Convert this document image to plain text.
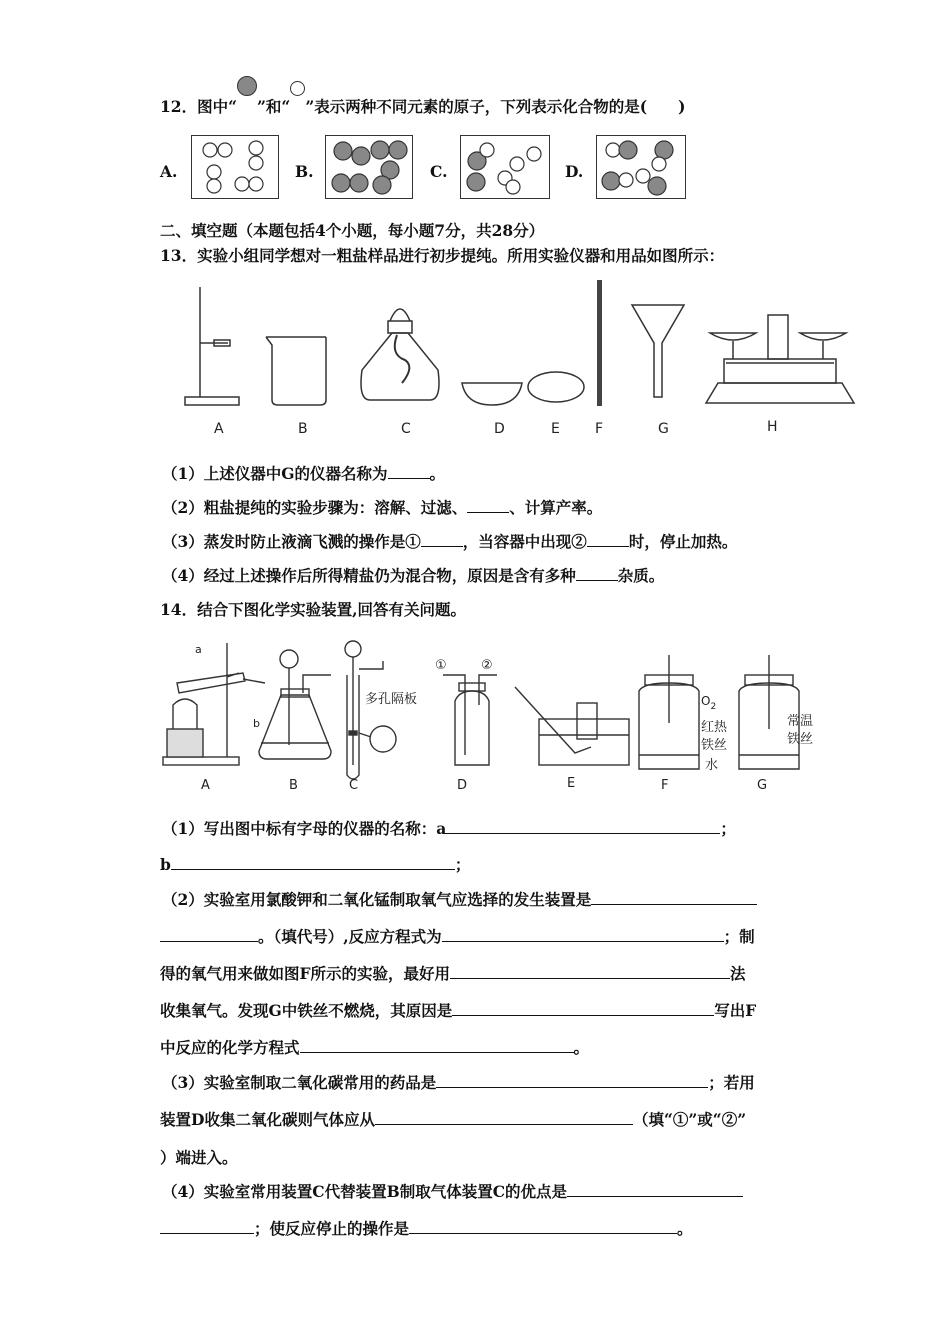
12．图中“ ”和“ ”表示两种不同元素的原子，下列表示化合物的是(　　)
A.	B.	C.	D.
二、填空题（本题包括4个小题，每小题7分，共28分）
13．实验小组同学想对一粗盐样品进行初步提纯。所用实验仪器和用品如图所示：
A	B	C	D	E	F	G	H
（1）上述仪器中G的仪器名称为	。
（2）粗盐提纯的实验步骤为：溶解、过滤、	、计算产率。
（3）蒸发时防止液滴飞溅的操作是①	，当容器中出现②	时，停止加热。
（4）经过上述操作后所得精盐仍为混合物，原因是含有多种	杂质。
14．结合下图化学实验装置,回答有关问题。
a
b
多孔隔板
①	②
$O_2$
红热
铁丝
水
常温
铁丝
A	B	C	D	E	F	G
（1）写出图中标有字母的仪器的名称：a	；
b	；
（2）实验室用氯酸钾和二氧化锰制取氧气应选择的发生装置是
。（填代号）,反应方程式为	；制
得的氧气用来做如图F所示的实验，最好用	法
收集氧气。发现G中铁丝不燃烧，其原因是	写出F
中反应的化学方程式	。
（3）实验室制取二氧化碳常用的药品是	；若用
装置D收集二氧化碳则气体应从	（填“①”或“②”
）端进入。
（4）实验室常用装置C代替装置B制取气体装置C的优点是
；使反应停止的操作是	。
